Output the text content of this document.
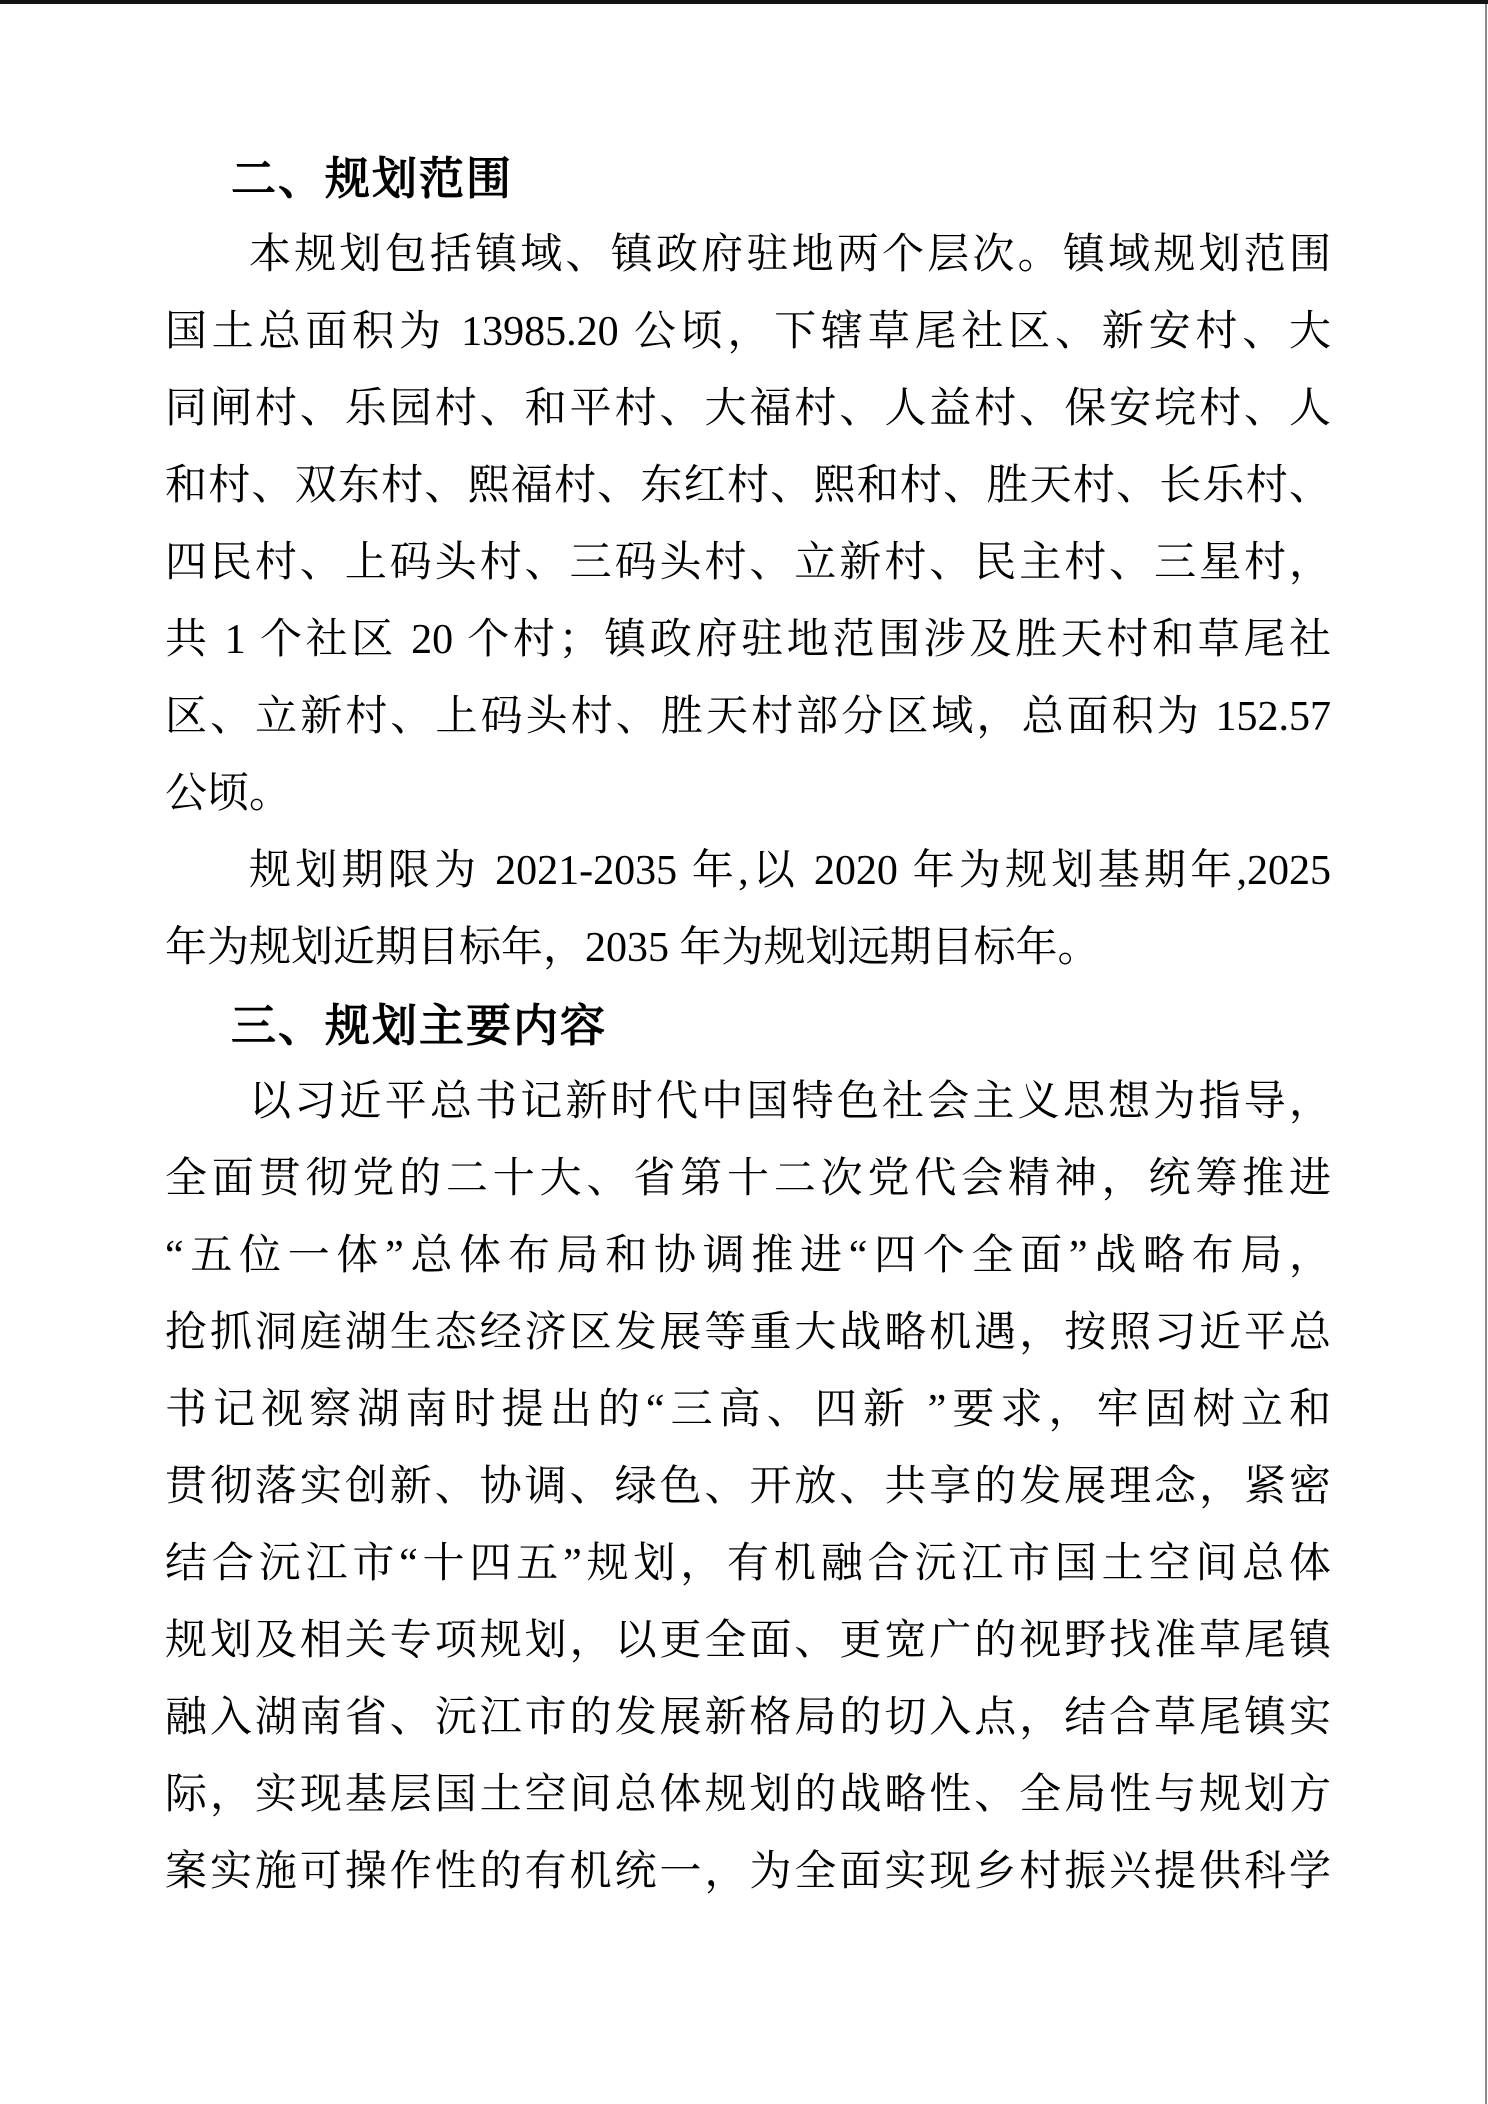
二、规划范围

本规划包括镇域、镇政府驻地两个层次。镇域规划范围

国土总面积为 13985.20 公顷，下辖草尾社区、新安村、大

同闸村、乐园村、和平村、大福村、人益村、保安垸村、人

和村、双东村、熙福村、东红村、熙和村、胜天村、长乐村、

四民村、上码头村、三码头村、立新村、民主村、三星村，

共 1 个社区 20 个村；镇政府驻地范围涉及胜天村和草尾社

区、立新村、上码头村、胜天村部分区域，总面积为 152.57

公顷。

规划期限为 2021-2035 年,以 2020 年为规划基期年,2025

年为规划近期目标年，2035 年为规划远期目标年。

三、规划主要内容

以习近平总书记新时代中国特色社会主义思想为指导，

全面贯彻党的二十大、省第十二次党代会精神，统筹推进

“五位一体”总体布局和协调推进“四个全面”战略布局，

抢抓洞庭湖生态经济区发展等重大战略机遇，按照习近平总

书记视察湖南时提出的“三高、四新 ”要求，牢固树立和

贯彻落实创新、协调、绿色、开放、共享的发展理念，紧密

结合沅江市“十四五”规划，有机融合沅江市国土空间总体

规划及相关专项规划，以更全面、更宽广的视野找准草尾镇

融入湖南省、沅江市的发展新格局的切入点，结合草尾镇实

际，实现基层国土空间总体规划的战略性、全局性与规划方

案实施可操作性的有机统一，为全面实现乡村振兴提供科学
